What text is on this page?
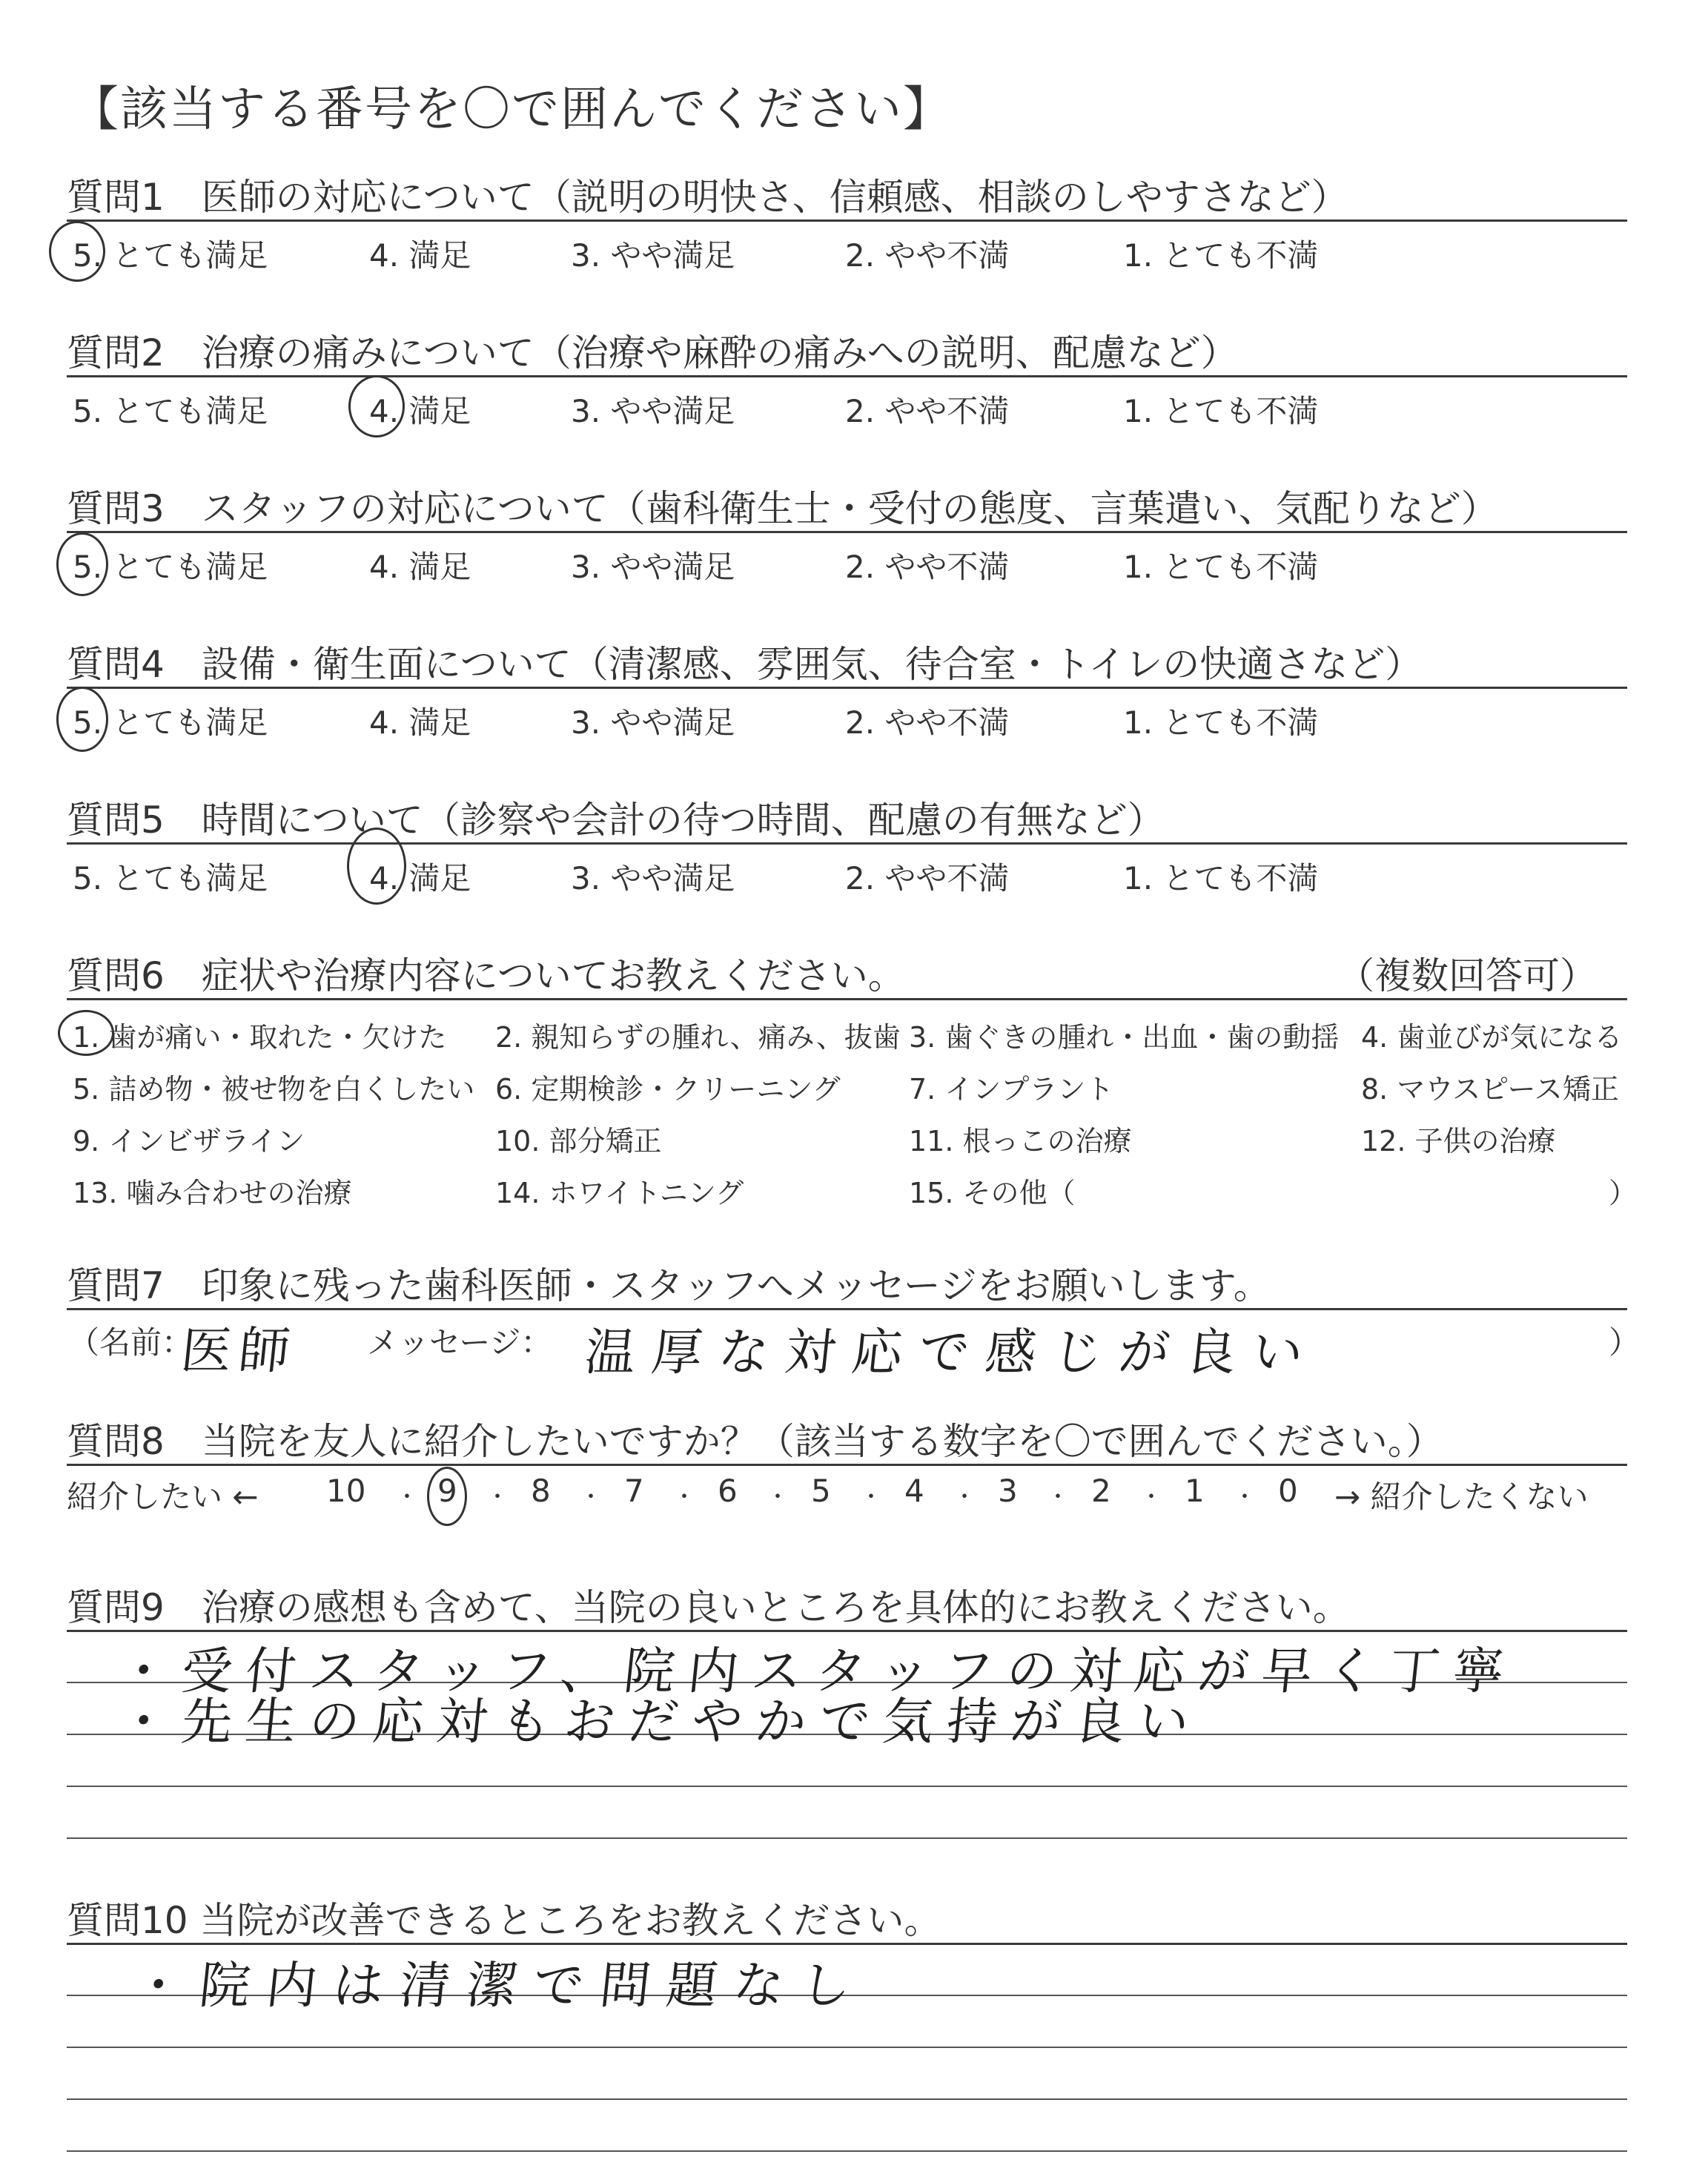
【該当する番号を〇で囲んでください】
質問1　医師の対応について（説明の明快さ、信頼感、相談のしやすさなど）
5. とても満足	4. 満足	3. やや満足	2. やや不満	1. とても不満
質問2　治療の痛みについて（治療や麻酔の痛みへの説明、配慮など）
5. とても満足	4. 満足	3. やや満足	2. やや不満	1. とても不満
質問3　スタッフの対応について（歯科衛生士・受付の態度、言葉遣い、気配りなど）
5. とても満足	4. 満足	3. やや満足	2. やや不満	1. とても不満
質問4　設備・衛生面について（清潔感、雰囲気、待合室・トイレの快適さなど）
5. とても満足	4. 満足	3. やや満足	2. やや不満	1. とても不満
質問5　時間について（診察や会計の待つ時間、配慮の有無など）
5. とても満足	4. 満足	3. やや満足	2. やや不満	1. とても不満
質問6　症状や治療内容についてお教えください。	（複数回答可）
1. 歯が痛い・取れた・欠けた 2. 親知らずの腫れ、痛み、抜歯 3. 歯ぐきの腫れ・出血・歯の動揺 4. 歯並びが気になる
5. 詰め物・被せ物を白くしたい 6. 定期検診・クリーニング 7. インプラント	8. マウスピース矯正
9. インビザライン	10. 部分矯正	11. 根っこの治療	12. 子供の治療
13. 噛み合わせの治療	14. ホワイトニング	15. その他（	）
質問7　印象に残った歯科医師・スタッフへメッセージをお願いします。
（名前：
医師 メッセージ： 温厚な対応で感じが良い	）
質問8　当院を友人に紹介したいですか？（該当する数字を〇で囲んでください。）
紹介したい ← 10 ・ 9 ・ 8 ・ 7 ・ 6 ・ 5 ・ 4 ・ 3 ・ 2 ・ 1 ・ 0 → 紹介したくない
質問9　治療の感想も含めて、当院の良いところを具体的にお教えください。
・受付スタッフ、院内スタッフの対応が早く丁寧
・先生の応対もおだやかで気持が良い
質問10 当院が改善できるところをお教えください。
・院内は清潔で問題なし
